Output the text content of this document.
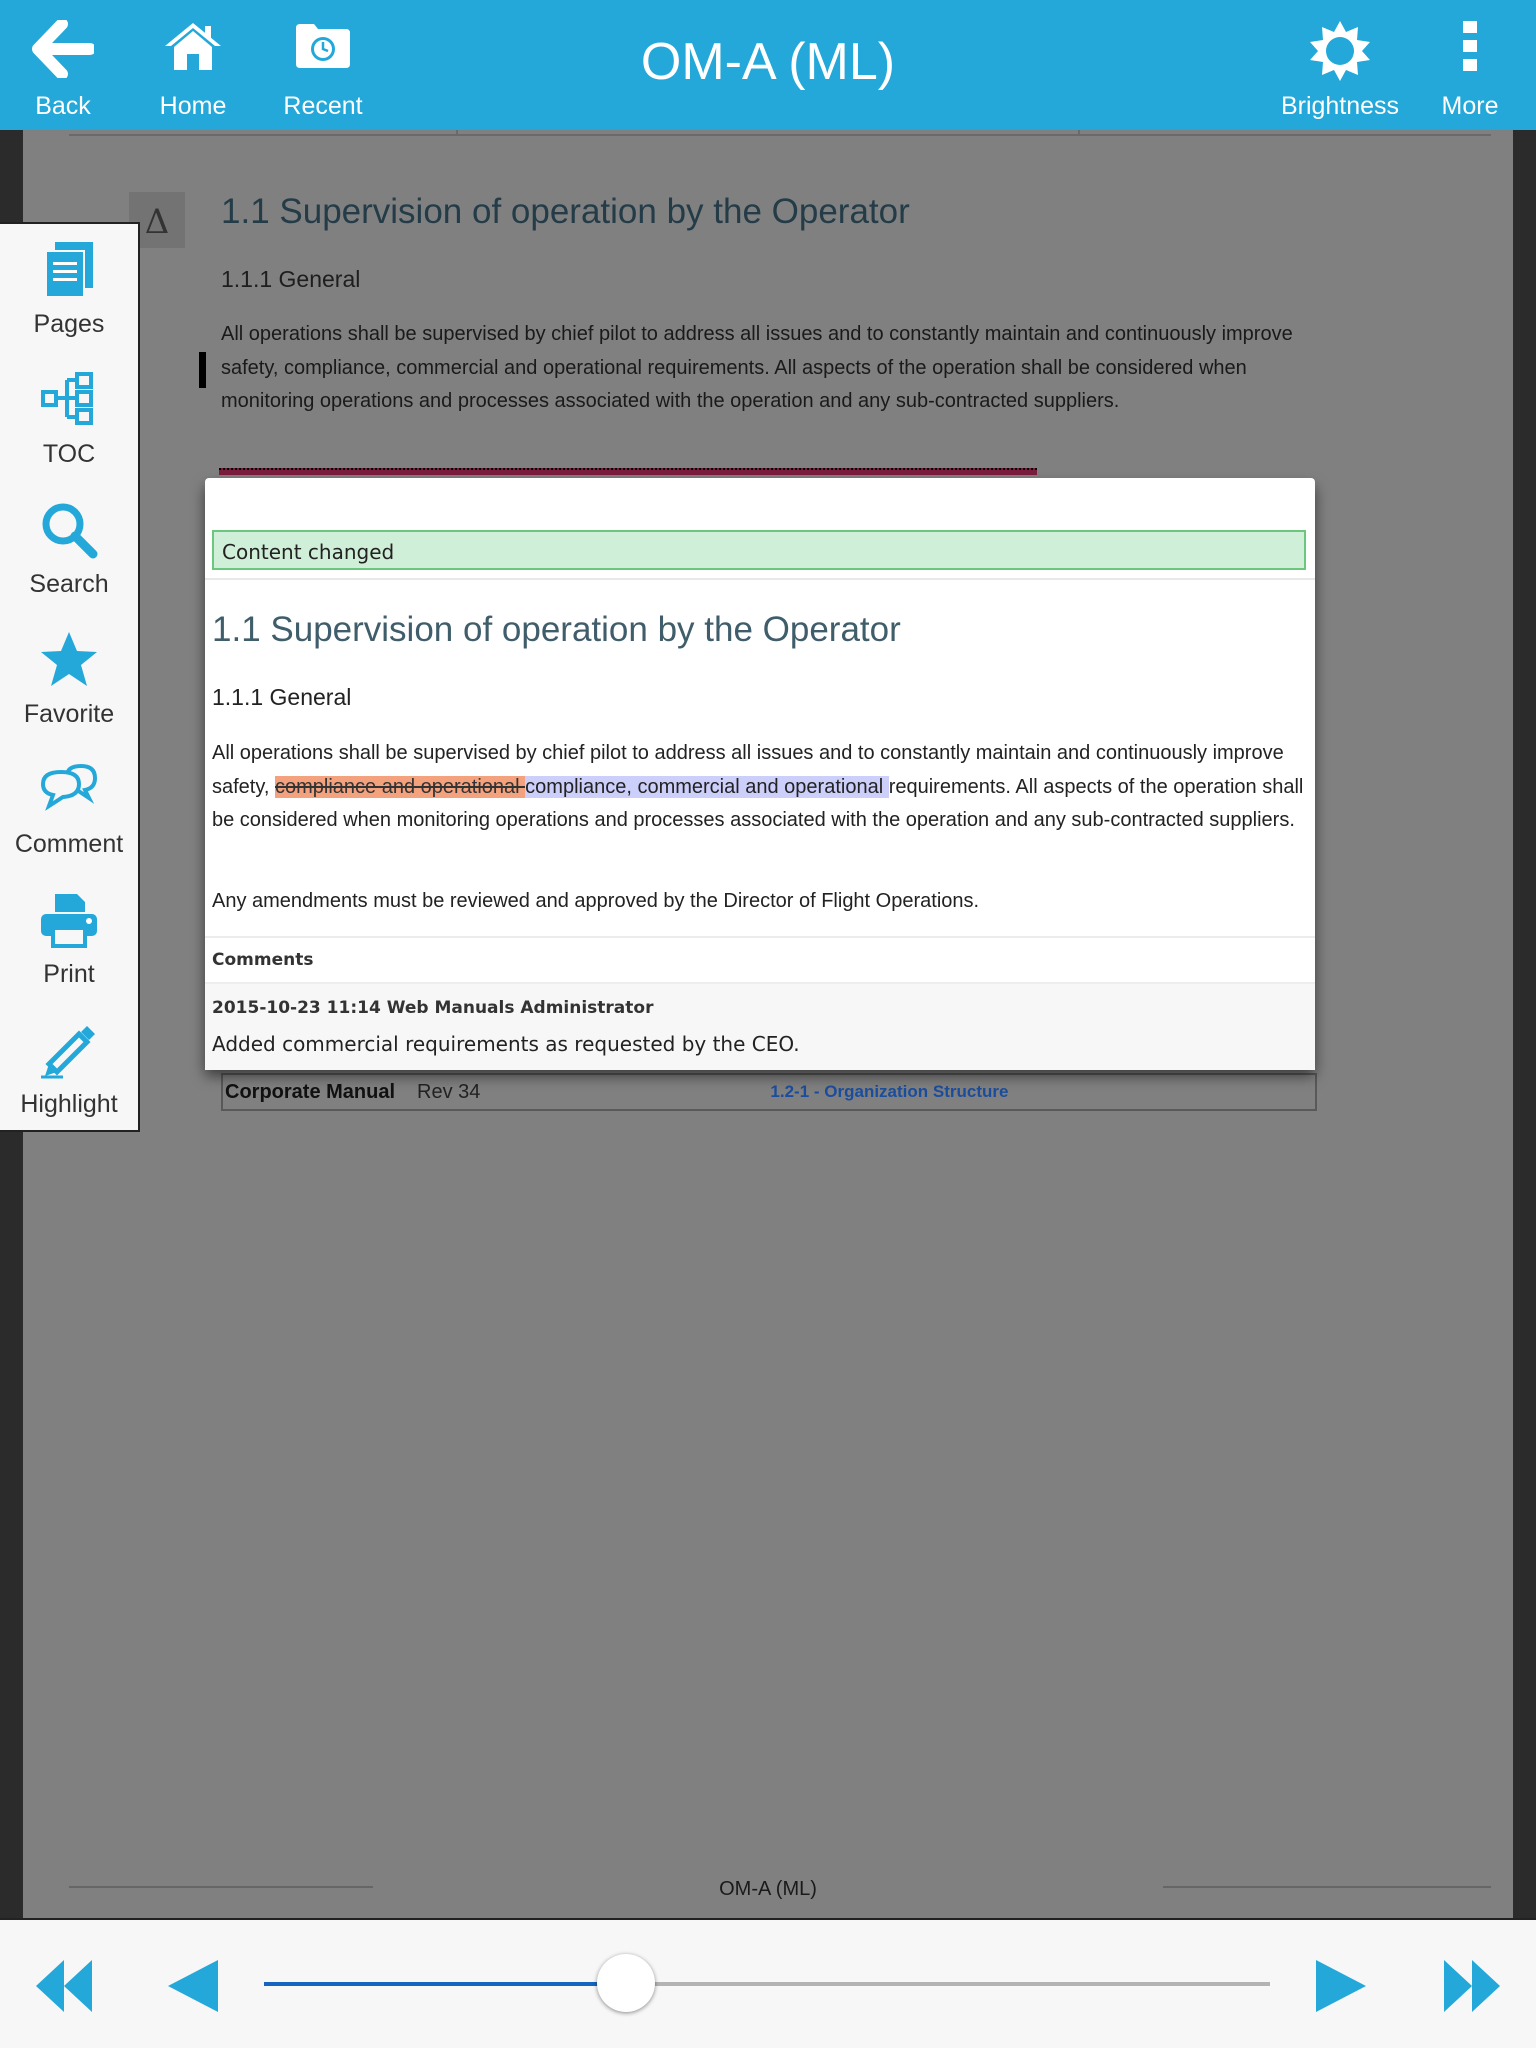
Back	Home Recent
OM-A (ML)
Brightness More
Δ	1.1 Supervision of operation by the Operator
1.1.1 General

All operations shall be supervised by chief pilot to address all issues and to constantly maintain and continuously improve safety, compliance, commercial and operational requirements. All aspects of the operation shall be considered when monitoring operations and processes associated with the operation and any sub-contracted suppliers.

Corporate Manual Rev 34	1.2-1 - Organization Structure
OM-A (ML)
Pages
TOC
Search
Favorite
Comment
Print
Highlight
Content changed
1.1 Supervision of operation by the Operator
1.1.1 General

All operations shall be supervised by chief pilot to address all issues and to constantly maintain and continuously improve safety, compliance and operational compliance, commercial and operational requirements. All aspects of the operation shall be considered when monitoring operations and processes associated with the operation and any sub-contracted suppliers.

Any amendments must be reviewed and approved by the Director of Flight Operations.

Comments
2015-10-23 11:14 Web Manuals Administrator
Added commercial requirements as requested by the CEO.
